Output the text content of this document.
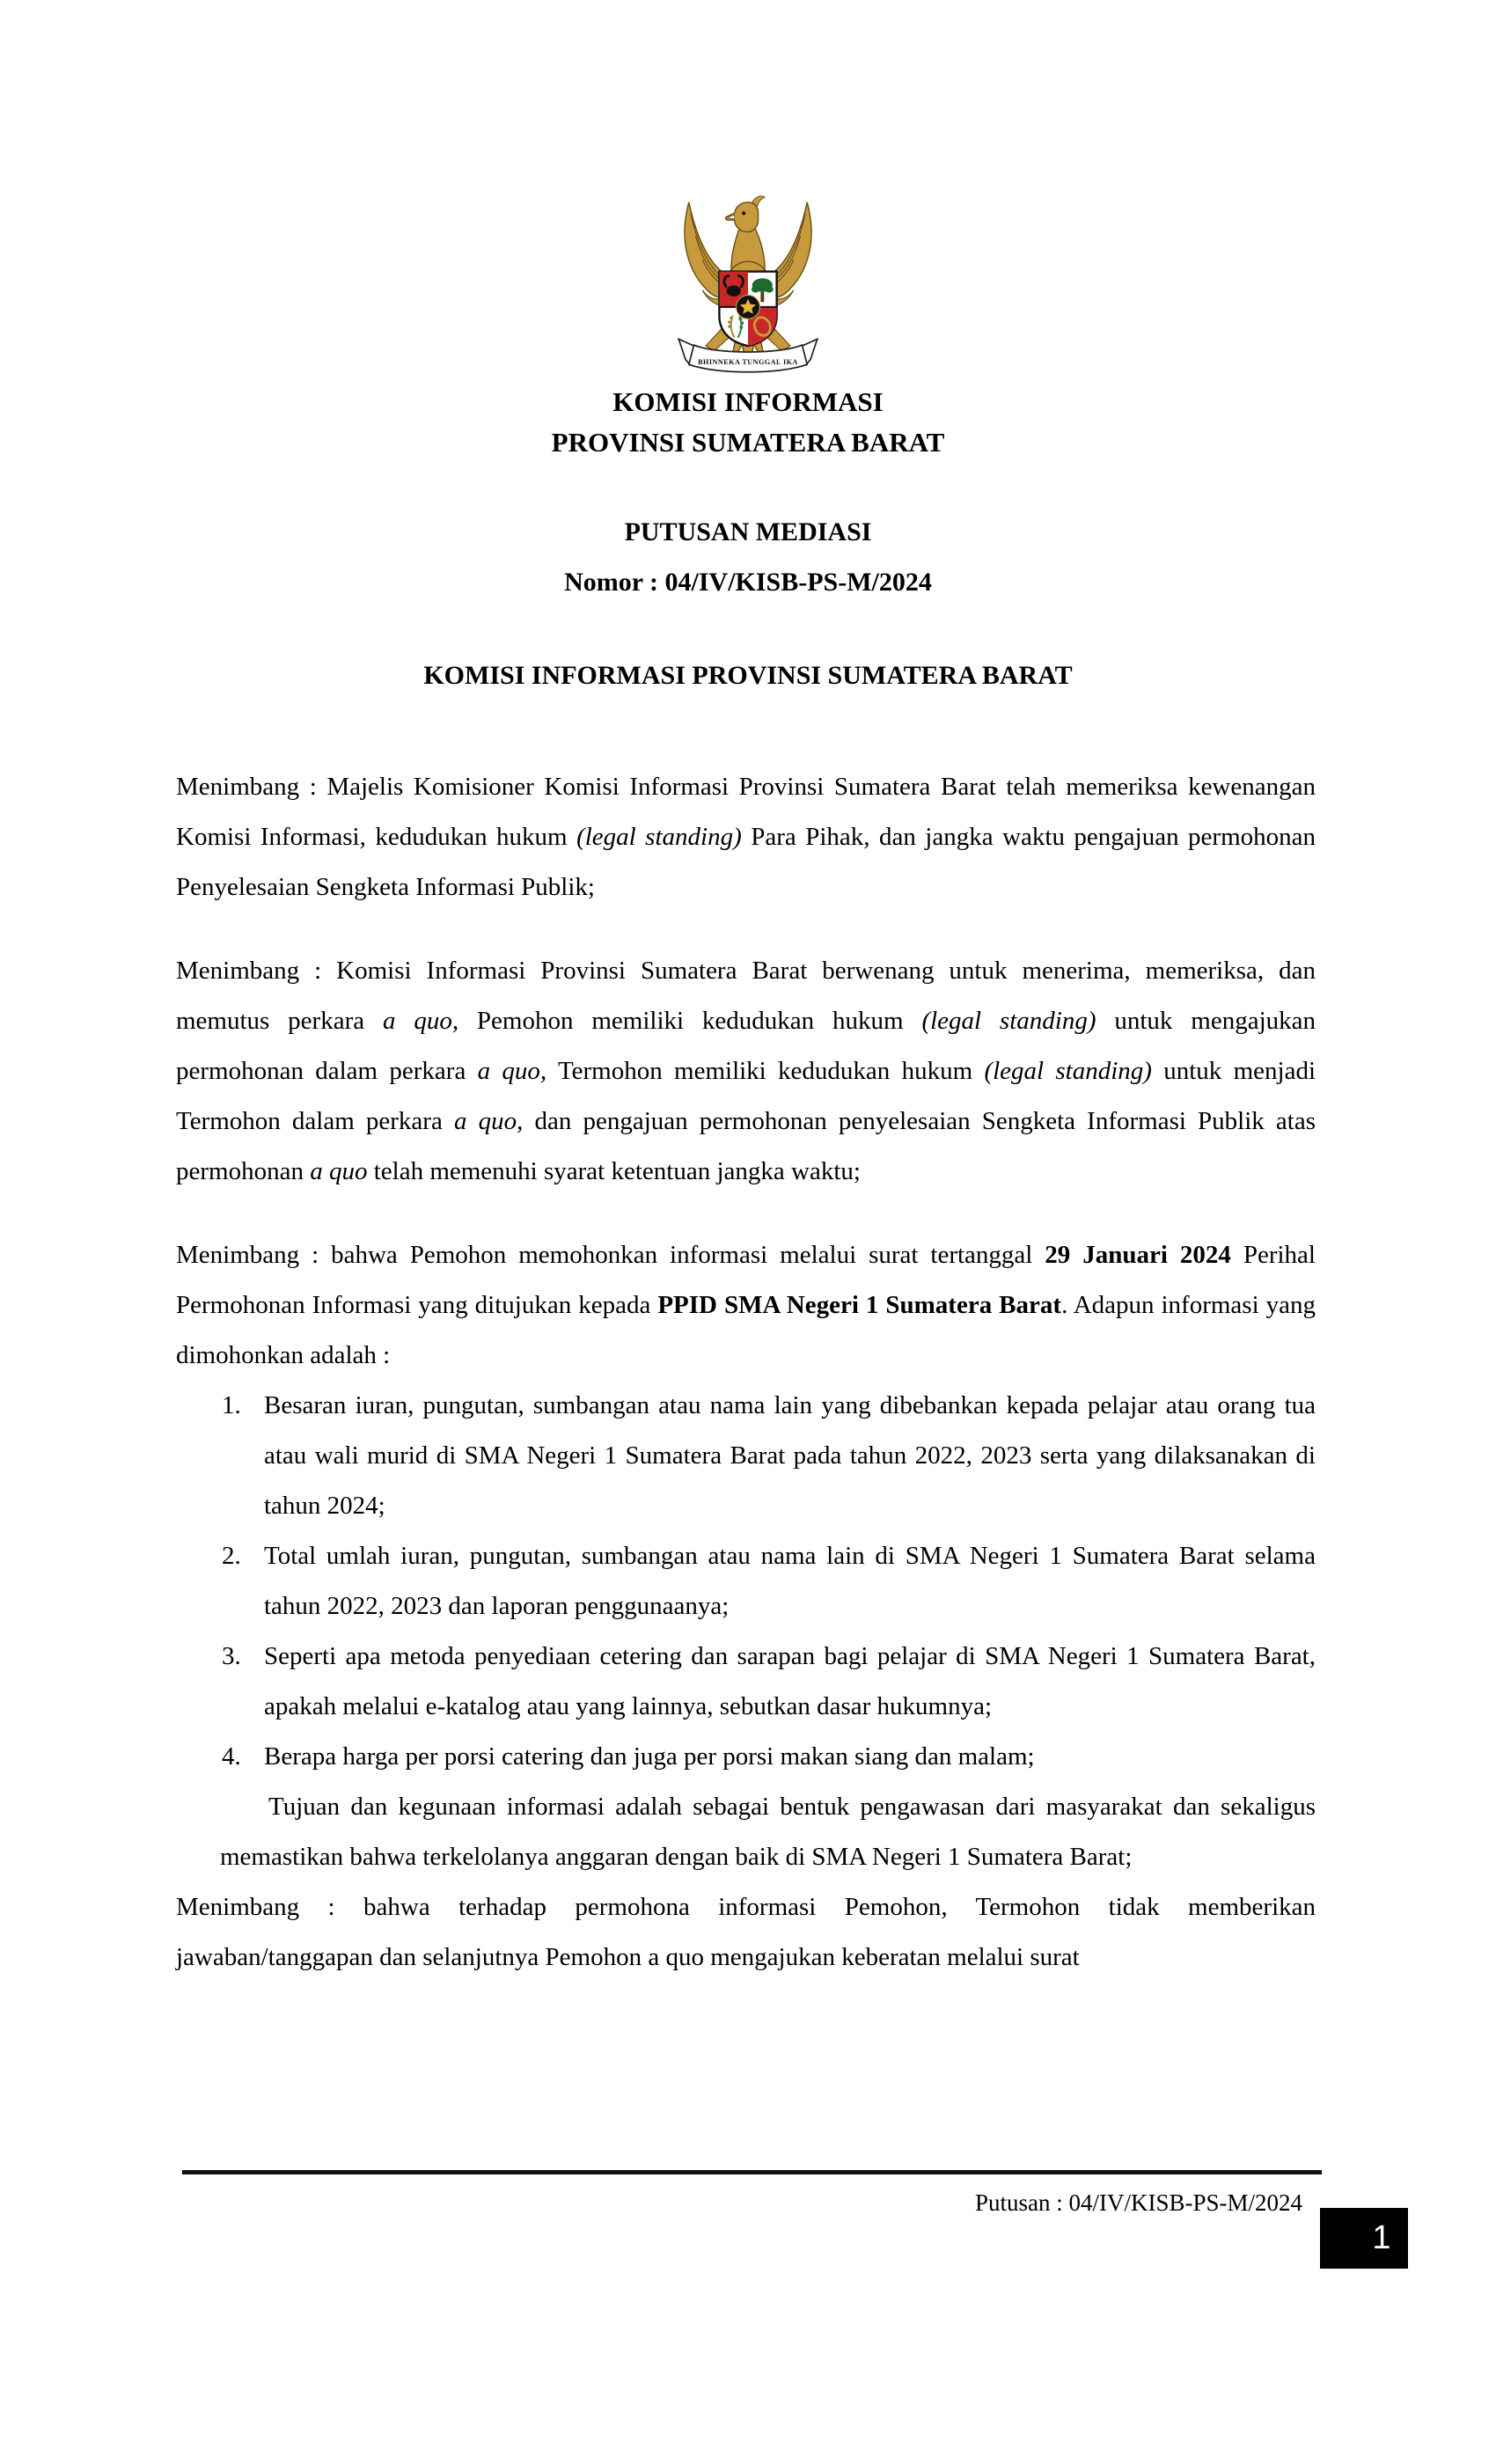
BHINNEKA TUNGGAL IKA
KOMISI INFORMASI
PROVINSI SUMATERA BARAT
PUTUSAN MEDIASI
Nomor : 04/IV/KISB-PS-M/2024
KOMISI INFORMASI PROVINSI SUMATERA BARAT

Menimbang : Majelis Komisioner Komisi Informasi Provinsi Sumatera Barat telah memeriksa kewenangan Komisi Informasi, kedudukan hukum (legal standing) Para Pihak, dan jangka waktu pengajuan permohonan Penyelesaian Sengketa Informasi Publik;

Menimbang : Komisi Informasi Provinsi Sumatera Barat berwenang untuk menerima, memeriksa, dan memutus perkara a quo, Pemohon memiliki kedudukan hukum (legal standing) untuk mengajukan permohonan dalam perkara a quo, Termohon memiliki kedudukan hukum (legal standing) untuk menjadi Termohon dalam perkara a quo, dan pengajuan permohonan penyelesaian Sengketa Informasi Publik atas permohonan a quo telah memenuhi syarat ketentuan jangka waktu;

Menimbang : bahwa Pemohon memohonkan informasi melalui surat tertanggal 29 Januari 2024 Perihal Permohonan Informasi yang ditujukan kepada PPID SMA Negeri 1 Sumatera Barat. Adapun informasi yang dimohonkan adalah :

1. Besaran iuran, pungutan, sumbangan atau nama lain yang dibebankan kepada pelajar atau orang tua atau wali murid di SMA Negeri 1 Sumatera Barat pada tahun 2022, 2023 serta yang dilaksanakan di tahun 2024;
2. Total umlah iuran, pungutan, sumbangan atau nama lain di SMA Negeri 1 Sumatera Barat selama tahun 2022, 2023 dan laporan penggunaanya;
3. Seperti apa metoda penyediaan cetering dan sarapan bagi pelajar di SMA Negeri 1 Sumatera Barat, apakah melalui e-katalog atau yang lainnya, sebutkan dasar hukumnya;
4. Berapa harga per porsi catering dan juga per porsi makan siang dan malam;

Tujuan dan kegunaan informasi adalah sebagai bentuk pengawasan dari masyarakat dan sekaligus memastikan bahwa terkelolanya anggaran dengan baik di SMA Negeri 1 Sumatera Barat;

Menimbang : bahwa terhadap permohona informasi Pemohon, Termohon tidak memberikan jawaban/tanggapan dan selanjutnya Pemohon a quo mengajukan keberatan melalui surat

Putusan : 04/IV/KISB-PS-M/2024
1
